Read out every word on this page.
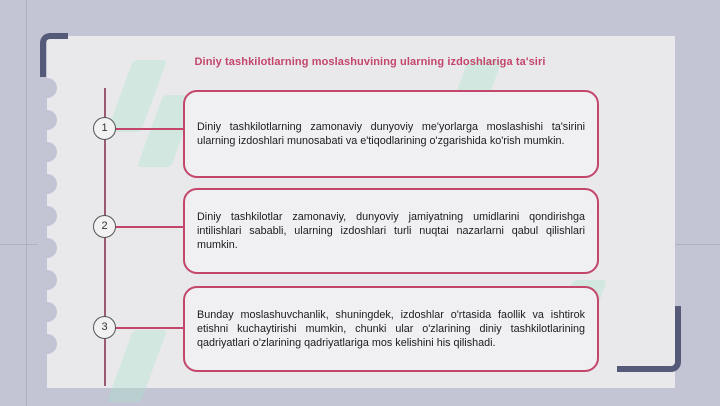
Diniy tashkilotlarning moslashuvining ularning izdoshlariga ta'siri
1	Diniy tashkilotlarning zamonaviy dunyoviy me'yorlarga moslashishi ta'sirini ularning izdoshlari munosabati va e'tiqodlarining o'zgarishida ko'rish mumkin.
2
Diniy tashkilotlar zamonaviy, dunyoviy jamiyatning umidlarini qondirishga intilishlari sababli, ularning izdoshlari turli nuqtai nazarlarni qabul qilishlari mumkin.
3
Bunday moslashuvchanlik, shuningdek, izdoshlar o'rtasida faollik va ishtirok etishni kuchaytirishi mumkin, chunki ular o'zlarining diniy tashkilotlarining qadriyatlari o'zlarining qadriyatlariga mos kelishini his qilishadi.
